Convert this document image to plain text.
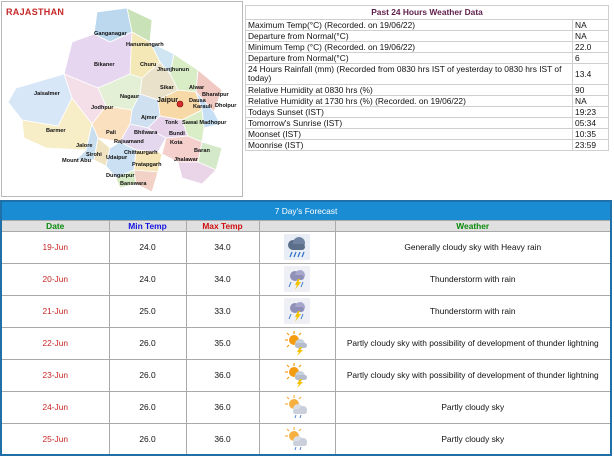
RAJASTHAN
Ganganagar
Hanumangarh
Bikaner	Churu
Jhunjhunun
Sikar	Alwar
Bharatpur
Dausa
Jaipur
Karauli Dholpur
Jaisalmer	Nagaur
Jodhpur
Barmer
Ajmer
Tonk Sawai Madhopur
Pali
Jalore
Sirohi
Rajsamand
Bhilwara Bundi
Kota
Baran
Mount Abu	Udaipur
Chittaurgarh
Jhalawar
Dungarpur
Pratapgarh
Banswara
Past 24 Hours Weather Data	
Maximum Temp(°C) (Recorded. on 19/06/22)	NA
Departure from Normal(°C)	NA
Minimum Temp (°C) (Recorded. on 19/06/22)	22.0
Departure from Normal(°C)	6
24 Hours Rainfall (mm) (Recorded from 0830 hrs IST of yesterday to 0830 hrs IST of today)	13.4
Relative Humidity at 0830 hrs (%)	90
Relative Humidity at 1730 hrs (%) (Recorded. on 19/06/22)	NA
Todays Sunset (IST)	19:23
Tomorrow's Sunrise (IST)	05:34
Moonset (IST)	10:35
Moonrise (IST)	23:59
7 Day's Forecast				
Date	Min Temp	Max Temp		Weather
19-Jun	24.0	34.0		Generally cloudy sky with Heavy rain
20-Jun	24.0	34.0		Thunderstorm with rain
21-Jun	25.0	33.0		Thunderstorm with rain
22-Jun	26.0	35.0		Partly cloudy sky with possibility of development of thunder lightning
23-Jun	26.0	36.0		Partly cloudy sky with possibility of development of thunder lightning
24-Jun	26.0	36.0		Partly cloudy sky
25-Jun	26.0	36.0		Partly cloudy sky
